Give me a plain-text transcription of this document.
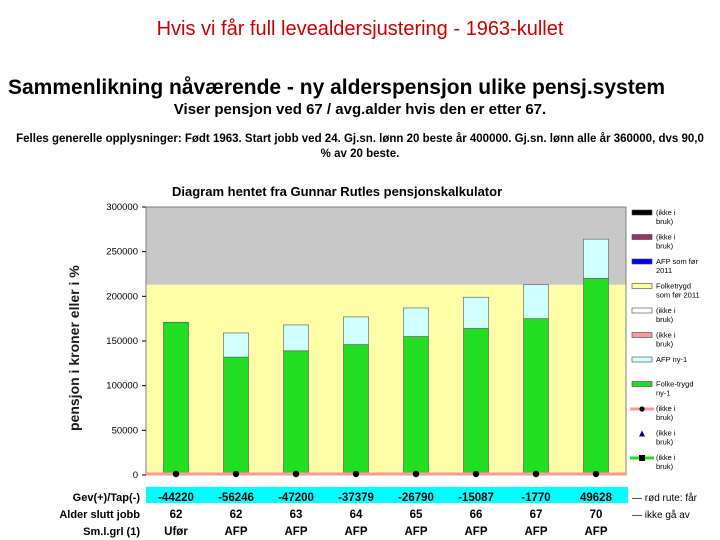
Hvis vi får full levealdersjustering - 1963-kullet
Sammenlikning nåværende - ny alderspensjon ulike pensj.system
Viser pensjon ved 67 / avg.alder hvis den er etter 67.
Felles generelle opplysninger: Født 1963. Start jobb ved 24. Gj.sn. lønn 20 beste år 400000. Gj.sn. lønn alle år 360000, dvs 90,0
% av 20 beste.
Diagram hentet fra Gunnar Rutles pensjonskalkulator
pensjon i kroner eller i %
0
50000
100000
150000
200000
250000
300000	(ikke i bruk)
(ikke i bruk)
AFP som før 2011
Folketrygd som før 2011
(ikke i bruk)
(ikke i bruk)
AFP ny-1
Folke-trygd ny-1
(ikke i bruk)
(ikke i bruk)
(ikke i bruk)
Gev(+)/Tap(-) -44220 -56246 -47200 -37379 -26790 -15087 -1770	49628
Alder slutt jobb	62	62	63	64	65	66	67	70
Sm.l.grl (1) Ufør	AFP	AFP	AFP	AFP	AFP	AFP	AFP
— rød rute: får
— ikke gå av
